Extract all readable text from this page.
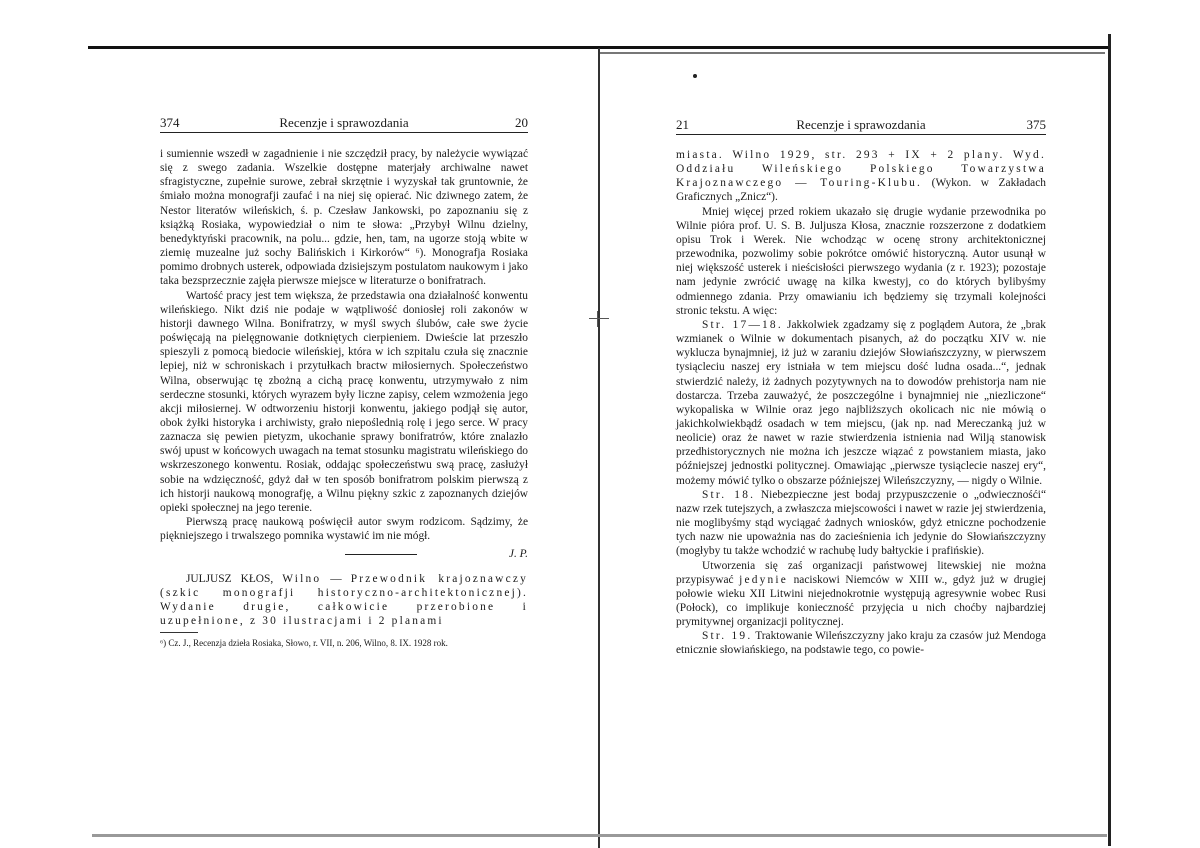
374	Recenzje i sprawozdania	20

i sumiennie wszedł w zagadnienie i nie szczędził pracy, by należycie wywiązać się z swego zadania. Wszelkie dostępne materjały archiwalne nawet sfragistyczne, zupełnie surowe, zebrał skrzętnie i wyzyskał tak gruntownie, że śmiało można monografji zaufać i na niej się opierać. Nic dziwnego zatem, że Nestor literatów wileńskich, ś. p. Czesław Jankowski, po zapoznaniu się z książką Rosiaka, wypowiedział o nim te słowa: „Przybył Wilnu dzielny, benedyktyński pracownik, na polu... gdzie, hen, tam, na ugorze stoją wbite w ziemię muzealne już sochy Balińskich i Kirkorów“ ⁶). Monografja Rosiaka pomimo drobnych usterek, odpowiada dzisiejszym postulatom naukowym i jako taka bezsprzecznie zajęła pierwsze miejsce w literaturze o bonifratrach.

Wartość pracy jest tem większa, że przedstawia ona działalność konwentu wileńskiego. Nikt dziś nie podaje w wątpliwość doniosłej roli zakonów w historji dawnego Wilna. Bonifratrzy, w myśl swych ślubów, całe swe życie poświęcają na pielęgnowanie dotkniętych cierpieniem. Dwieście lat przeszło spieszyli z pomocą biedocie wileńskiej, która w ich szpitalu czuła się znacznie lepiej, niż w schroniskach i przytułkach bractw miłosiernych. Społeczeństwo Wilna, obserwując tę zbożną a cichą pracę konwentu, utrzymywało z nim serdeczne stosunki, których wyrazem były liczne zapisy, celem wzmożenia jego akcji miłosiernej. W odtworzeniu historji konwentu, jakiego podjął się autor, obok żyłki historyka i archiwisty, grało niepoślednią rolę i jego serce. W pracy zaznacza się pewien pietyzm, ukochanie sprawy bonifratrów, które znalazło swój upust w końcowych uwagach na temat stosunku magistratu wileńskiego do wskrzeszonego konwentu. Rosiak, oddając społeczeństwu swą pracę, zasłużył sobie na wdzięczność, gdyż dał w ten sposób bonifratrom polskim pierwszą z ich historji naukową monografję, a Wilnu piękny szkic z zapoznanych dziejów opieki społecznej na jego terenie.

Pierwszą pracę naukową poświęcił autor swym rodzicom. Sądzimy, że piękniejszego i trwalszego pomnika wystawić im nie mógł.

J. P.

JULJUSZ KŁOS, Wilno — Przewodnik krajoznawczy (szkic monografji historyczno-architektonicznej). Wydanie drugie, całkowicie przerobione i uzupełnione, z 30 ilustracjami i 2 planami

⁶) Cz. J., Recenzja dzieła Rosiaka, Słowo, r. VII, n. 206, Wilno, 8. IX. 1928 rok.
21	Recenzje i sprawozdania	375

miasta. Wilno 1929, str. 293 + IX + 2 plany. Wyd. Oddziału Wileńskiego Polskiego Towarzystwa Krajoznawczego — Touring-Klubu. (Wykon. w Zakładach Graficznych „Znicz“).

Mniej więcej przed rokiem ukazało się drugie wydanie przewodnika po Wilnie pióra prof. U. S. B. Juljusza Kłosa, znacznie rozszerzone z dodatkiem opisu Trok i Werek. Nie wchodząc w ocenę strony architektonicznej przewodnika, pozwolimy sobie pokrótce omówić historyczną. Autor usunął w niej większość usterek i nieścisłości pierwszego wydania (z r. 1923); pozostaje nam jedynie zwrócić uwagę na kilka kwestyj, co do których bylibyśmy odmiennego zdania. Przy omawianiu ich będziemy się trzymali kolejności stronic tekstu. A więc:

Str. 17—18. Jakkolwiek zgadzamy się z poglądem Autora, że „brak wzmianek o Wilnie w dokumentach pisanych, aż do początku XIV w. nie wyklucza bynajmniej, iż już w zaraniu dziejów Słowiańszczyzny, w pierwszem tysiącleciu naszej ery istniała w tem miejscu dość ludna osada...“, jednak stwierdzić należy, iż żadnych pozytywnych na to dowodów prehistorja nam nie dostarcza. Trzeba zauważyć, że poszczególne i bynajmniej nie „niezliczone“ wykopaliska w Wilnie oraz jego najbliższych okolicach nic nie mówią o jakichkolwiekbądź osadach w tem miejscu, (jak np. nad Mereczanką już w neolicie) oraz że nawet w razie stwierdzenia istnienia nad Wilją stanowisk przedhistorycznych nie można ich jeszcze wiązać z powstaniem miasta, jako późniejszej jednostki politycznej. Omawiając „pierwsze tysiąclecie naszej ery“, możemy mówić tylko o obszarze późniejszej Wileńszczyzny, — nigdy o Wilnie.

Str. 18. Niebezpieczne jest bodaj przypuszczenie o „odwiecznośći“ nazw rzek tutejszych, a zwłaszcza miejscowości i nawet w razie jej stwierdzenia, nie moglibyśmy stąd wyciągać żadnych wniosków, gdyż etniczne pochodzenie tych nazw nie upoważnia nas do zacieśnienia ich jedynie do Słowiańszczyzny (mogłyby tu także wchodzić w rachubę ludy bałtyckie i prafińskie).

Utworzenia się zaś organizacji państwowej litewskiej nie można przypisywać jedynie naciskowi Niemców w XIII w., gdyż już w drugiej połowie wieku XII Litwini niejednokrotnie występują agresywnie wobec Rusi (Połock), co implikuje konieczność przyjęcia u nich choćby najbardziej prymitywnej organizacji politycznej.

Str. 19. Traktowanie Wileńszczyzny jako kraju za czasów już Mendoga etnicznie słowiańskiego, na podstawie tego, co powie-
